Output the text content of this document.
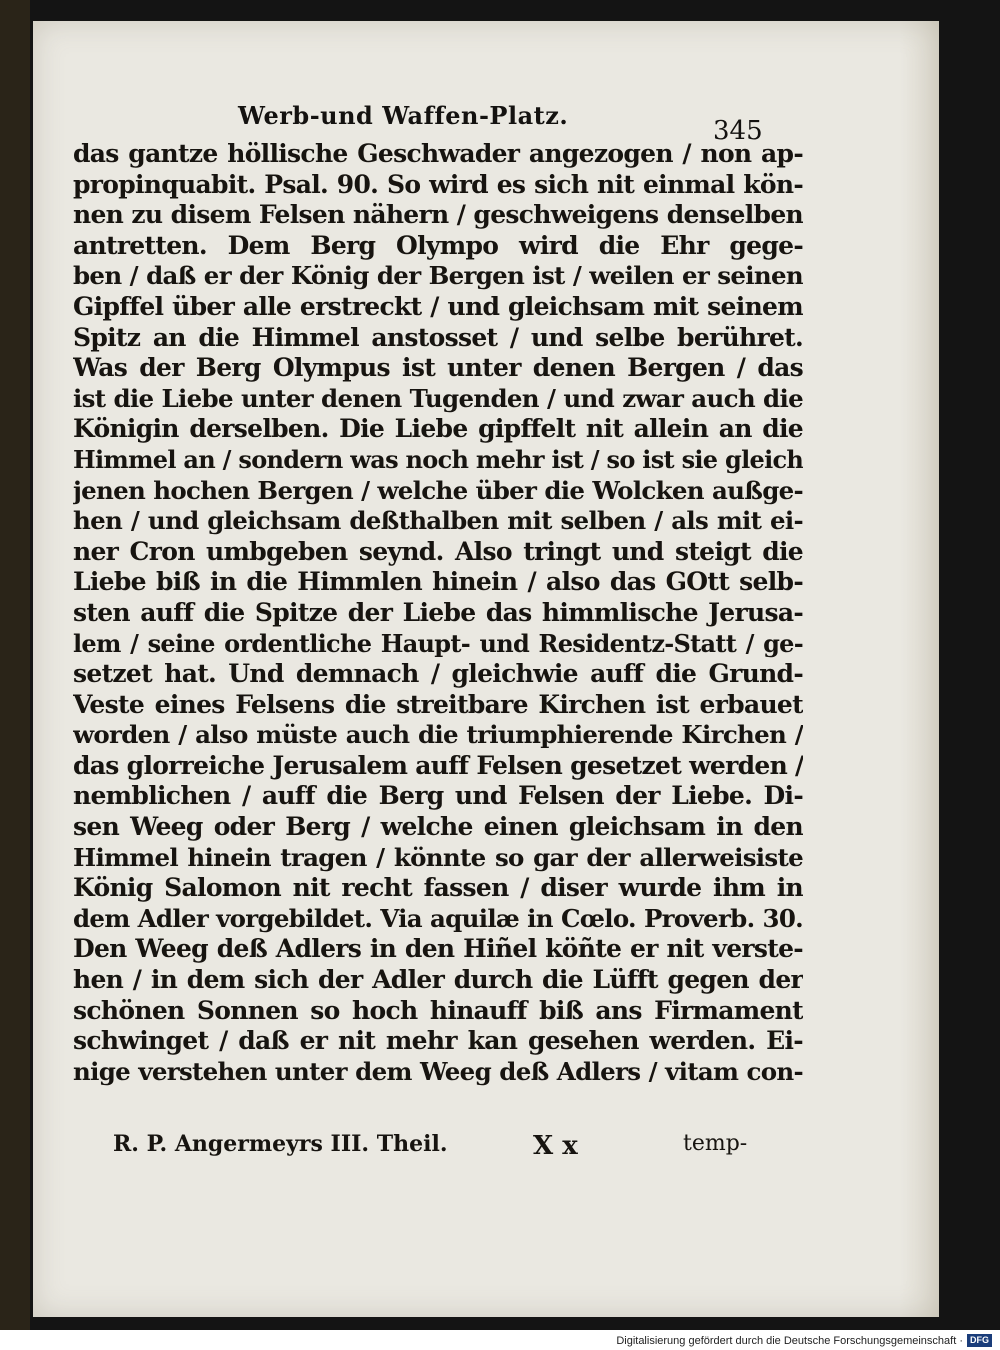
Werb-und Waffen-Platz.
345
das gantze höllische Geschwader angezogen / non ap-
propinquabit. Psal. 90. So wird es sich nit einmal kön-
nen zu disem Felsen nähern / geschweigens denselben
antretten. Dem Berg Olympo wird die Ehr gege-
ben / daß er der König der Bergen ist / weilen er seinen
Gipffel über alle erstreckt / und gleichsam mit seinem
Spitz an die Himmel anstosset / und selbe berühret.
Was der Berg Olympus ist unter denen Bergen / das
ist die Liebe unter denen Tugenden / und zwar auch die
Königin derselben. Die Liebe gipffelt nit allein an die
Himmel an / sondern was noch mehr ist / so ist sie gleich
jenen hochen Bergen / welche über die Wolcken außge-
hen / und gleichsam deßthalben mit selben / als mit ei-
ner Cron umbgeben seynd. Also tringt und steigt die
Liebe biß in die Himmlen hinein / also das GOtt selb-
sten auff die Spitze der Liebe das himmlische Jerusa-
lem / seine ordentliche Haupt- und Residentz-Statt / ge-
setzet hat. Und demnach / gleichwie auff die Grund-
Veste eines Felsens die streitbare Kirchen ist erbauet
worden / also müste auch die triumphierende Kirchen /
das glorreiche Jerusalem auff Felsen gesetzet werden /
nemblichen / auff die Berg und Felsen der Liebe. Di-
sen Weeg oder Berg / welche einen gleichsam in den
Himmel hinein tragen / könnte so gar der allerweisiste
König Salomon nit recht fassen / diser wurde ihm in
dem Adler vorgebildet. Via aquilæ in Cœlo. Proverb. 30.
Den Weeg deß Adlers in den Hiñel köñte er nit verste-
hen / in dem sich der Adler durch die Lüfft gegen der
schönen Sonnen so hoch hinauff biß ans Firmament
schwinget / daß er nit mehr kan gesehen werden. Ei-
nige verstehen unter dem Weeg deß Adlers / vitam con-
R. P. Angermeyrs III. Theil.	X x	temp-
Digitalisierung gefördert durch die Deutsche Forschungsgemeinschaft · DFG
